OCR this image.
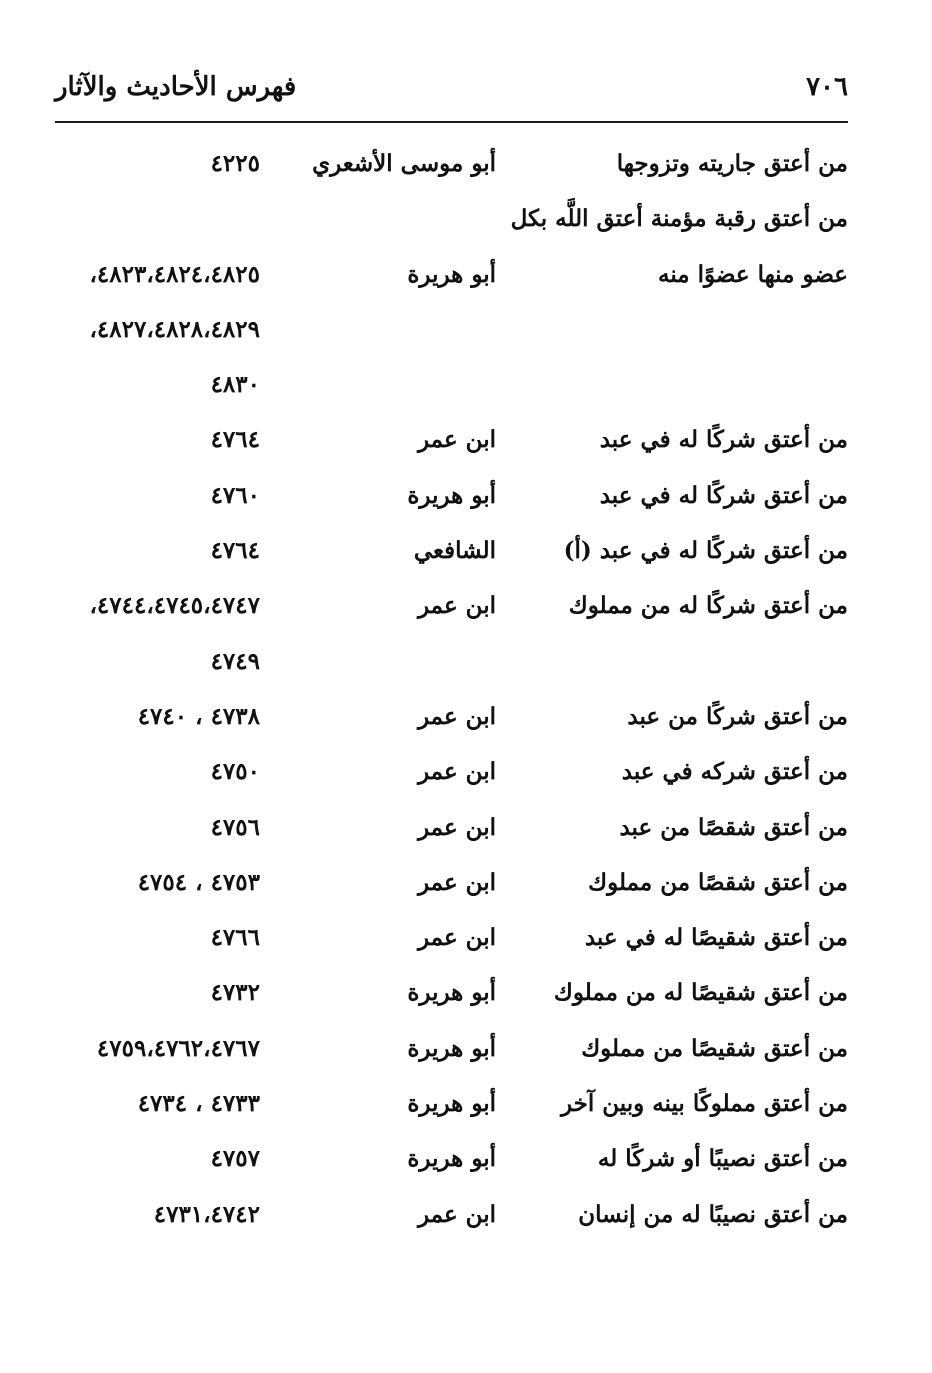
٧٠٦
فهرس الأحاديث والآثار
من أعتق جاريته وتزوجها
أبو موسى الأشعري
٤٢٢٥
من أعتق رقبة مؤمنة أعتق اللَّه بكل
عضو منها عضوًا منه
أبو هريرة
٤٨٢٣،٤٨٢٤،٤٨٢٥،
٤٨٢٧،٤٨٢٨،٤٨٢٩،
٤٨٣٠
من أعتق شركًا له في عبد
ابن عمر
٤٧٦٤
من أعتق شركًا له في عبد
أبو هريرة
٤٧٦٠
من أعتق شركًا له في عبد (أ)
الشافعي
٤٧٦٤
من أعتق شركًا له من مملوك
ابن عمر
٤٧٤٤،٤٧٤٥،٤٧٤٧،
٤٧٤٩
من أعتق شركًا من عبد
ابن عمر
٤٧٣٨ ، ٤٧٤٠
من أعتق شركه في عبد
ابن عمر
٤٧٥٠
من أعتق شقصًا من عبد
ابن عمر
٤٧٥٦
من أعتق شقصًا من مملوك
ابن عمر
٤٧٥٣ ، ٤٧٥٤
من أعتق شقيصًا له في عبد
ابن عمر
٤٧٦٦
من أعتق شقيصًا له من مملوك
أبو هريرة
٤٧٣٢
من أعتق شقيصًا من مملوك
أبو هريرة
٤٧٥٩،٤٧٦٢،٤٧٦٧
من أعتق مملوكًا بينه وبين آخر
أبو هريرة
٤٧٣٣ ، ٤٧٣٤
من أعتق نصيبًا أو شركًا له
أبو هريرة
٤٧٥٧
من أعتق نصيبًا له من إنسان
ابن عمر
٤٧٣١،٤٧٤٢
